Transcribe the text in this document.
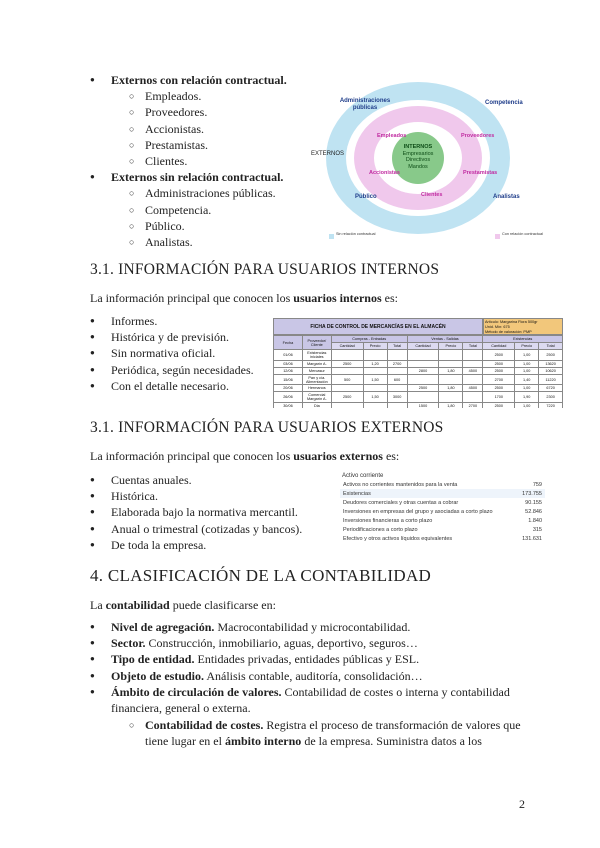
● Externos con relación contractual.
○ Empleados.
○ Proveedores.
○ Accionistas.
○ Prestamistas.
○ Clientes.
● Externos sin relación contractual.
○ Administraciones públicas.
○ Competencia.
○ Público.
○ Analistas.
Administraciones públicas
Competencia
EXTERNOS
Público	Analistas
Empleados	Proveedores
Accionistas	Prestamistas
Clientes
INTERNOS
Empresarios
Directivos
Mandos
Sin relación contractual	Con relación contractual
3.1. INFORMACIÓN PARA USUARIOS INTERNOS

La información principal que conocen los usuarios internos es:

● Informes.
● Histórica y de previsión.
● Sin normativa oficial.
● Periódica, según necesidades.
● Con el detalle necesario.
FICHA DE CONTROL DE MERCANCÍAS EN EL ALMACÉN
Artículo: Margarina Flora 500gr
Unid. Mín: 675
Método de valoración: PMP
Fecha	Proveedor/ Cliente	Compras - Entradas			Ventas - Salidas			Existencias		
		Cantidad	Precio	Total	Cantidad	Precio	Total	Cantidad	Precio	Total
01/06	Existencias iniciales							2500	1,00	2500
03/06	Margarín A.	2500	1,20	2700				2500	1,00	13620
12/06	Mercasur				2800	1,80	4500	2500	1,00	10620
15/06	Pan y cía. Alimentación	500	1,50	600				2700	1,40	11220
20/06	Hermanos				2500	1,80	4500	2500	1,00	6720
26/06	Comercial Margarín A.	2500	1,50	3000				1700	1,90	2300
30/06	Dia				1500	1,80	2700	2500	1,00	7220
3.1. INFORMACIÓN PARA USUARIOS EXTERNOS

La información principal que conocen los usuarios externos es:

● Cuentas anuales.
● Histórica.
● Elaborada bajo la normativa mercantil.
● Anual o trimestral (cotizadas y bancos).
● De toda la empresa.
Activo corriente
Activos no corrientes mantenidos para la venta	759
Existencias	173.755
Deudores comerciales y otras cuentas a cobrar	90.155
Inversiones en empresas del grupo y asociadas a corto plazo	52.846
Inversiones financieras a corto plazo	1.840
Periodificaciones a corto plazo	315
Efectivo y otros activos líquidos equivalentes	131.631
4. CLASIFICACIÓN DE LA CONTABILIDAD

La contabilidad puede clasificarse en:

● Nivel de agregación. Macrocontabilidad y microcontabilidad.
● Sector. Construcción, inmobiliario, aguas, deportivo, seguros…
● Tipo de entidad. Entidades privadas, entidades públicas y ESL.
● Objeto de estudio. Análisis contable, auditoría, consolidación…
● Ámbito de circulación de valores. Contabilidad de costes o interna y contabilidad financiera, general o externa.
○ Contabilidad de costes. Registra el proceso de transformación de valores que tiene lugar en el ámbito interno de la empresa. Suministra datos a los
2
